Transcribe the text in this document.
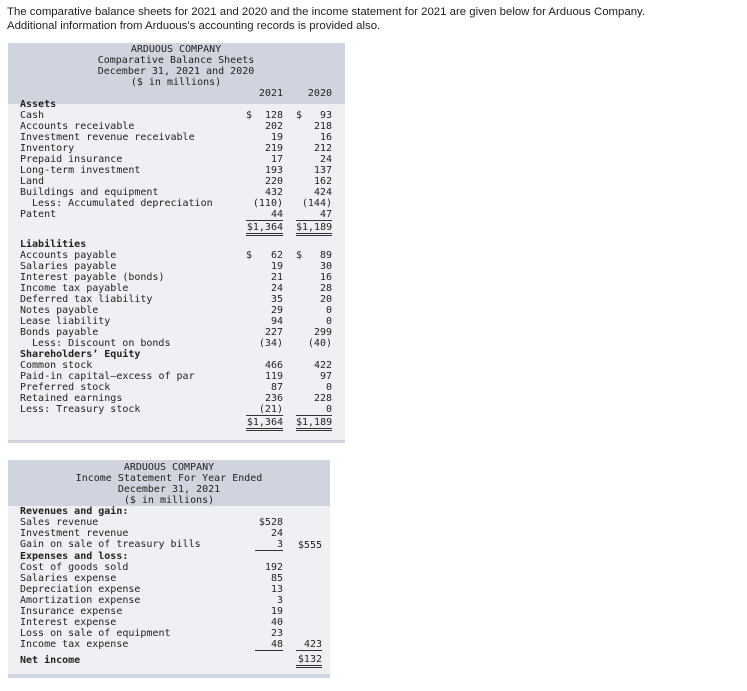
The comparative balance sheets for 2021 and 2020 and the income statement for 2021 are given below for Arduous Company.
Additional information from Arduous's accounting records is provided also.
ARDUOUS COMPANY
Comparative Balance Sheets
December 31, 2021 and 2020
($ in millions)
2021	2020
Assets
Cash	128	93
Accounts receivable	202	218
Investment revenue receivable	19	16
Inventory	219	212
Prepaid insurance	17	24
Long-term investment	193	137
Land	220	162
Buildings and equipment	432	424
Less: Accumulated depreciation	(110)	(144)
Patent	44	47
$	$
$1,364 $1,189
Liabilities
Accounts payable	62	89
Salaries payable	19	30
Interest payable (bonds)	21	16
Income tax payable	24	28
Deferred tax liability	35	20
Notes payable	29	0
Lease liability	94	0
Bonds payable	227	299
Less: Discount on bonds	(34)	(40)
$	$
Shareholders’ Equity
Common stock	466	422
Paid-in capital—excess of par	119	97
Preferred stock	87	0
Retained earnings	236	228
Less: Treasury stock	(21)	0
$1,364 $1,189
ARDUOUS COMPANY
Income Statement For Year Ended
December 31, 2021
($ in millions)
Revenues and gain:
Sales revenue	$528
Investment revenue	24
Gain on sale of treasury bills	3 $555
Expenses and loss:
Cost of goods sold	192
Salaries expense	85
Depreciation expense	13
Amortization expense	3
Insurance expense	19
Interest expense	40
Loss on sale of equipment	23
Income tax expense	48	423
Net income	$132
